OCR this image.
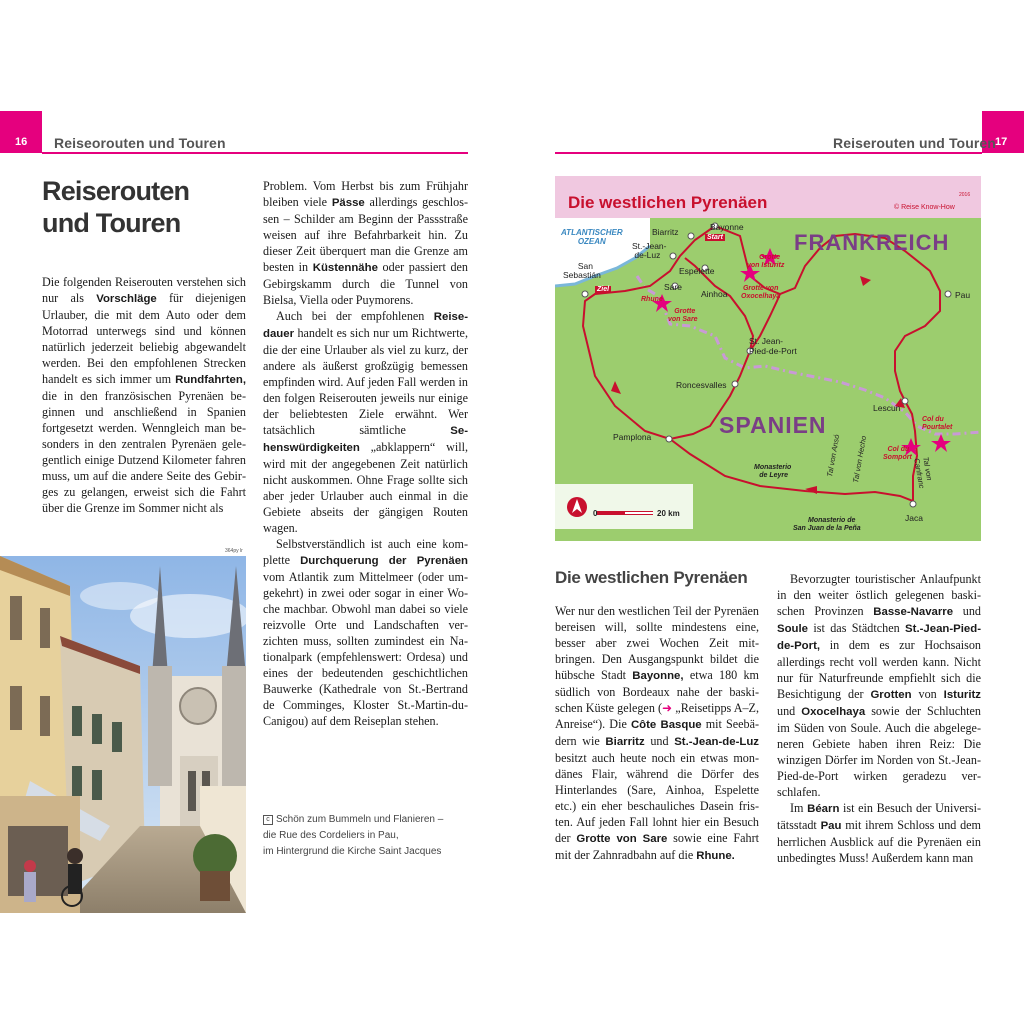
16 Reiseorouten und Touren	17
Reiserouten und Touren
Reiserouten
und Touren

Die folgenden Reiserouten verstehen sich nur als Vorschläge für diejenigen Urlauber, die mit dem Auto oder dem Motorrad unterwegs sind und können natürlich jederzeit beliebig abgewandelt werden. Bei den empfohlenen Strecken handelt es sich immer um Rundfahrten, die in den französischen Pyrenäen beginnen und anschließend in Spanien fortgesetzt werden. Wenngleich man besonders in den zentralen Pyrenäen gelegentlich einige Dutzend Kilometer fahren muss, um auf die andere Seite des Gebirges zu gelangen, erweist sich die Fahrt über die Grenze im Sommer nicht als

Problem. Vom Herbst bis zum Frühjahr bleiben viele Pässe allerdings geschlossen – Schilder am Beginn der Passstraße weisen auf ihre Befahrbarkeit hin. Zu dieser Zeit überquert man die Grenze am besten in Küstennähe oder passiert den Gebirgskamm durch die Tunnel von Bielsa, Viella oder Puymorens.

Auch bei der empfohlenen Reisedauer handelt es sich nur um Richtwerte, die der eine Urlauber als viel zu kurz, der andere als äußerst großzügig bemessen empfinden wird. Auf jeden Fall werden in den folgen Reiserouten jeweils nur einige der beliebtesten Ziele erwähnt. Wer tatsächlich sämtliche Sehenswürdigkeiten „abklappern“ will, wird mit der angegebenen Zeit natürlich nicht auskommen. Ohne Frage sollte sich aber jeder Urlauber auch einmal in die Gebiete abseits der gängigen Routen wagen.

Selbstverständlich ist auch eine komplette Durchquerung der Pyrenäen vom Atlantik zum Mittelmeer (oder umgekehrt) in zwei oder sogar in einer Woche machbar. Obwohl man dabei so viele reizvolle Orte und Landschaften verzichten muss, sollten zumindest ein Nationalpark (empfehlenswert: Ordesa) und eines der bedeutenden geschichtlichen Bauwerke (Kathedrale von St.-Bertrand de Comminges, Kloster St.-Martin-du-Canigou) auf dem Reiseplan stehen.

364py lr
c Schön zum Bummeln und Flanieren –
die Rue des Cordeliers in Pau,
im Hintergrund die Kirche Saint Jacques
Die westlichen Pyrenäen	© Reise Know-How
2016
ATLANTISCHER
OZEAN	FRANKREICH
SPANIEN
Biarritz	Bayonne
Start
St.-Jean-
de-Luz
San
Sebastián
Ziel
Espelette
Sare
Ainhoa
Rhune
Grotte
von Sare
Grotte
von Isturitz
Grotte von
Oxocelhaya	Pau
St. Jean-
Pied-de-Port
Roncesvalles
Lescun
Col du
Pourtalet
Col du
Somport
Pamplona
Monasterio
de Leyre
Monasterio de
San Juan de la Peña
Jaca
Tal von Ansó Tal von Hecho	Tal von Canfranc
0	20 km
Die westlichen Pyrenäen

Wer nur den westlichen Teil der Pyrenäen bereisen will, sollte mindestens eine, besser aber zwei Wochen Zeit mitbringen. Den Ausgangspunkt bildet die hübsche Stadt Bayonne, etwa 180 km südlich von Bordeaux nahe der baskischen Küste gelegen (➜ „Reisetipps A–Z, Anreise“). Die Côte Basque mit Seebädern wie Biarritz und St.-Jean-de-Luz besitzt auch heute noch ein etwas mondänes Flair, während die Dörfer des Hinterlandes (Sare, Ainhoa, Espelette etc.) ein eher beschauliches Dasein fristen. Auf jeden Fall lohnt hier ein Besuch der Grotte von Sare sowie eine Fahrt mit der Zahnradbahn auf die Rhune.

Bevorzugter touristischer Anlaufpunkt in den weiter östlich gelegenen baskischen Provinzen Basse-Navarre und Soule ist das Städtchen St.-Jean-Pied-de-Port, in dem es zur Hochsaison allerdings recht voll werden kann. Nicht nur für Naturfreunde empfiehlt sich die Besichtigung der Grotten von Isturitz und Oxocelhaya sowie der Schluchten im Süden von Soule. Auch die abgelegeneren Gebiete haben ihren Reiz: Die winzigen Dörfer im Norden von St.-Jean-Pied-de-Port wirken geradezu verschlafen.

Im Béarn ist ein Besuch der Universitätsstadt Pau mit ihrem Schloss und dem herrlichen Ausblick auf die Pyrenäen ein unbedingtes Muss! Außerdem kann man
